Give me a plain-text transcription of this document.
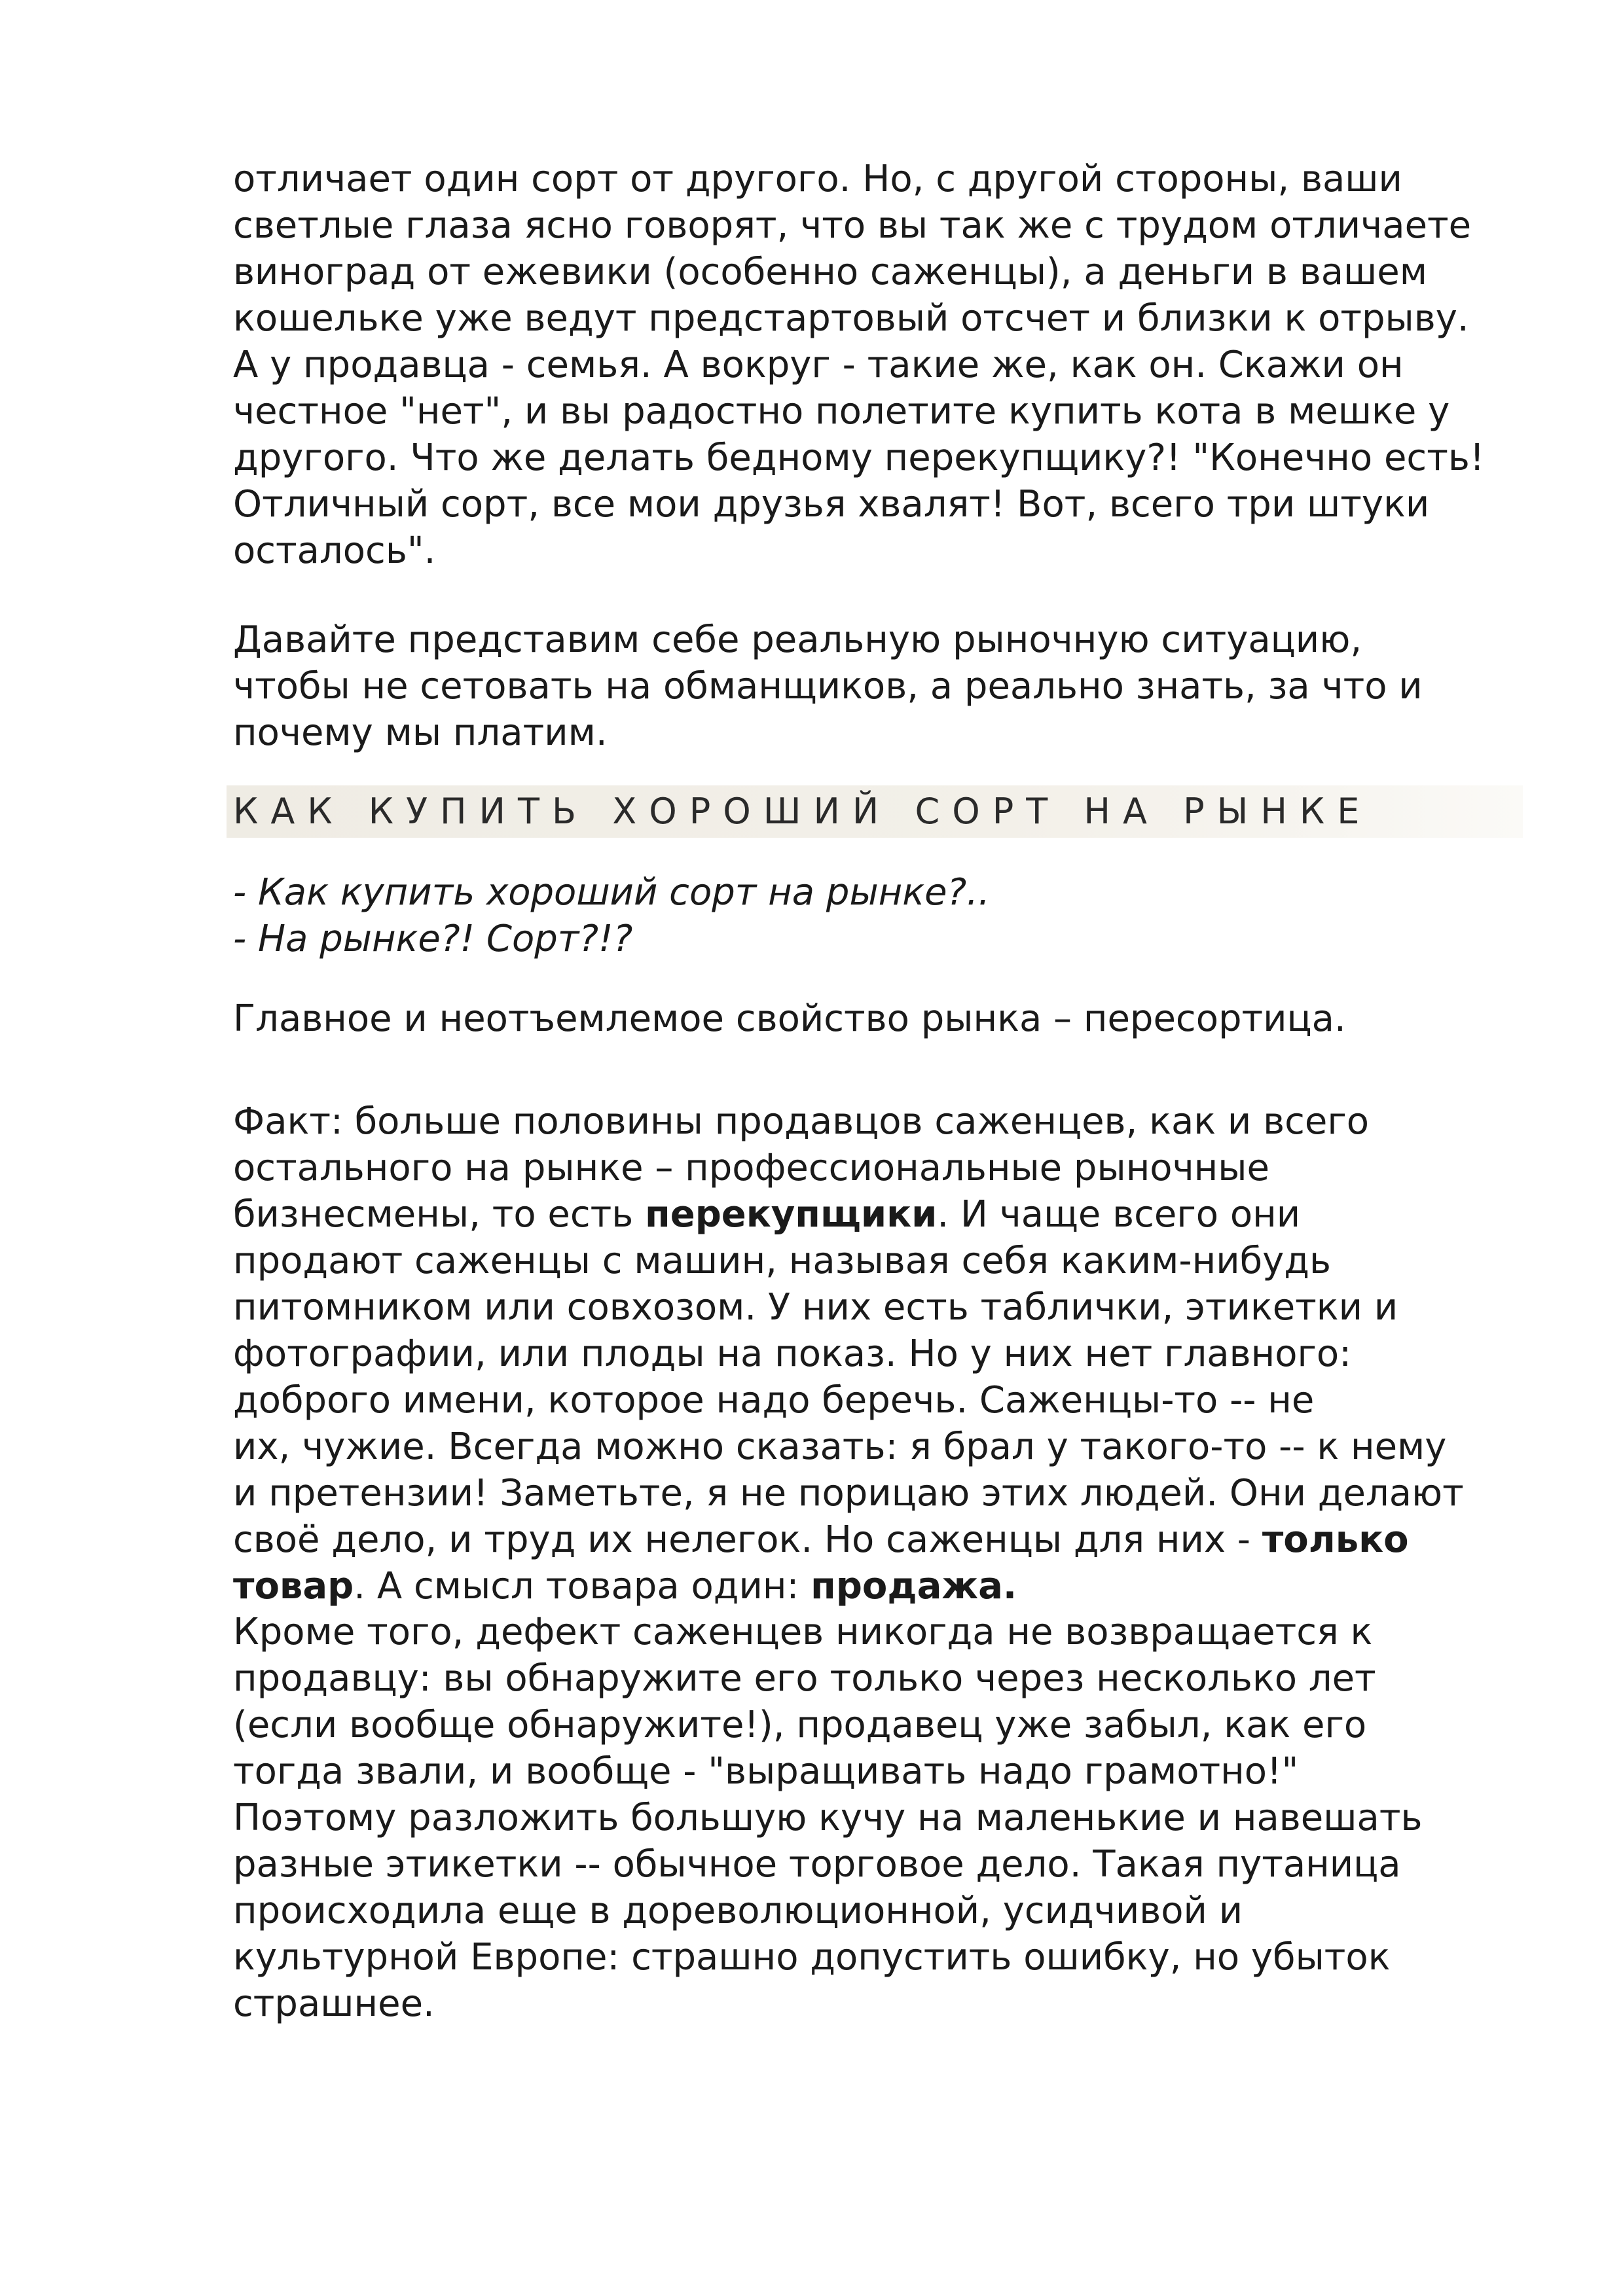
отличает один сорт от другого. Но, с другой стороны, ваши
светлые глаза ясно говорят, что вы так же с трудом отличаете
виноград от ежевики (особенно саженцы), а деньги в вашем
кошельке уже ведут предстартовый отсчет и близки к отрыву.
А у продавца - семья. А вокруг - такие же, как он. Скажи он
честное "нет", и вы радостно полетите купить кота в мешке у
другого. Что же делать бедному перекупщику?! "Конечно есть!
Отличный сорт, все мои друзья хвалят! Вот, всего три штуки
осталось".

Давайте представим себе реальную рыночную ситуацию,
чтобы не сетовать на обманщиков, а реально знать, за что и
почему мы платим.

КАК КУПИТЬ ХОРОШИЙ СОРТ НА РЫНКЕ
- Как купить хороший сорт на рынке?..
- На рынке?! Сорт?!?

Главное и неотъемлемое свойство рынка – пересортица.

Факт: больше половины продавцов саженцев, как и всего
остального на рынке – профессиональные рыночные
бизнесмены, то есть перекупщики. И чаще всего они
продают саженцы с машин, называя себя каким-нибудь
питомником или совхозом. У них есть таблички, этикетки и
фотографии, или плоды на показ. Но у них нет главного:
доброго имени, которое надо беречь. Саженцы-то -- не
их, чужие. Всегда можно сказать: я брал у такого-то -- к нему
и претензии! Заметьте, я не порицаю этих людей. Они делают
своё дело, и труд их нелегок. Но саженцы для них - только
товар. А смысл товара один: продажа.

Кроме того, дефект саженцев никогда не возвращается к
продавцу: вы обнаружите его только через несколько лет
(если вообще обнаружите!), продавец уже забыл, как его
тогда звали, и вообще - "выращивать надо грамотно!"
Поэтому разложить большую кучу на маленькие и навешать
разные этикетки -- обычное торговое дело. Такая путаница
происходила еще в дореволюционной, усидчивой и
культурной Европе: страшно допустить ошибку, но убыток
страшнее.
